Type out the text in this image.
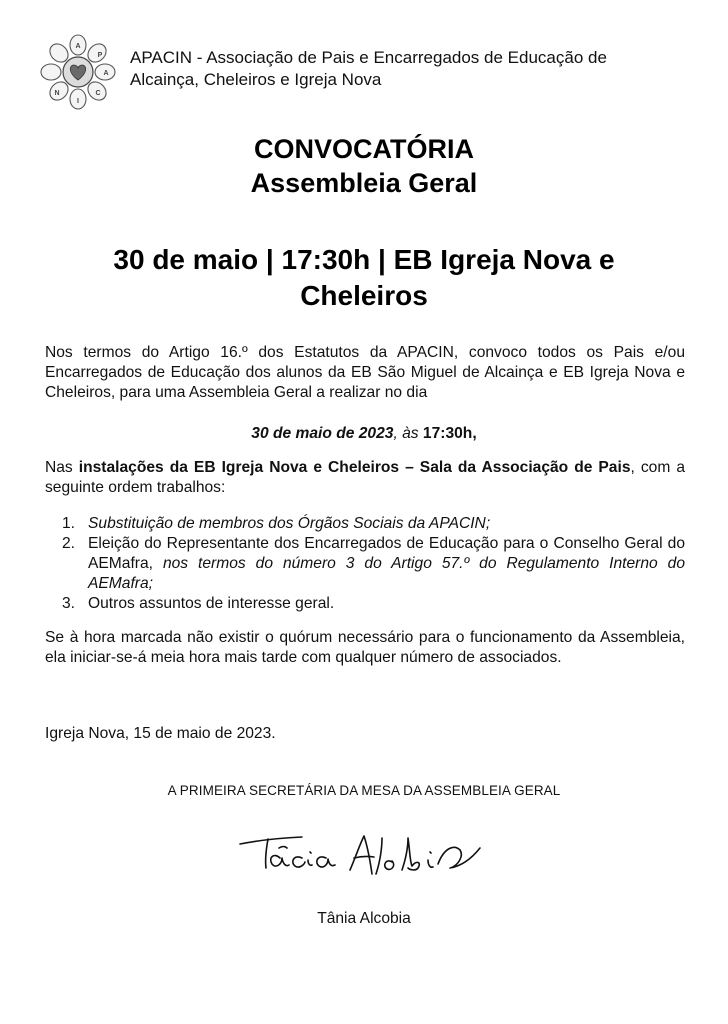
A
P
A
C
I
N
APACIN - Associação de Pais e Encarregados de Educação de
Alcainça, Cheleiros e Igreja Nova
CONVOCATÓRIA
Assembleia Geral
30 de maio | 17:30h | EB Igreja Nova e
Cheleiros
Nos termos do Artigo 16.º dos Estatutos da APACIN, convoco todos os Pais e/ou Encarregados de Educação dos alunos da EB São Miguel de Alcainça e EB Igreja Nova e Cheleiros, para uma Assembleia Geral a realizar no dia
30 de maio de 2023, às 17:30h,
Nas instalações da EB Igreja Nova e Cheleiros – Sala da Associação de Pais, com a seguinte ordem trabalhos:
1. Substituição de membros dos Órgãos Sociais da APACIN;
2. Eleição do Representante dos Encarregados de Educação para o Conselho Geral do AEMafra, nos termos do número 3 do Artigo 57.º do Regulamento Interno do AEMafra;
3. Outros assuntos de interesse geral.
Se à hora marcada não existir o quórum necessário para o funcionamento da Assembleia, ela iniciar-se-á meia hora mais tarde com qualquer número de associados.
Igreja Nova, 15 de maio de 2023.
A PRIMEIRA SECRETÁRIA DA MESA DA ASSEMBLEIA GERAL
Tânia Alcobia
